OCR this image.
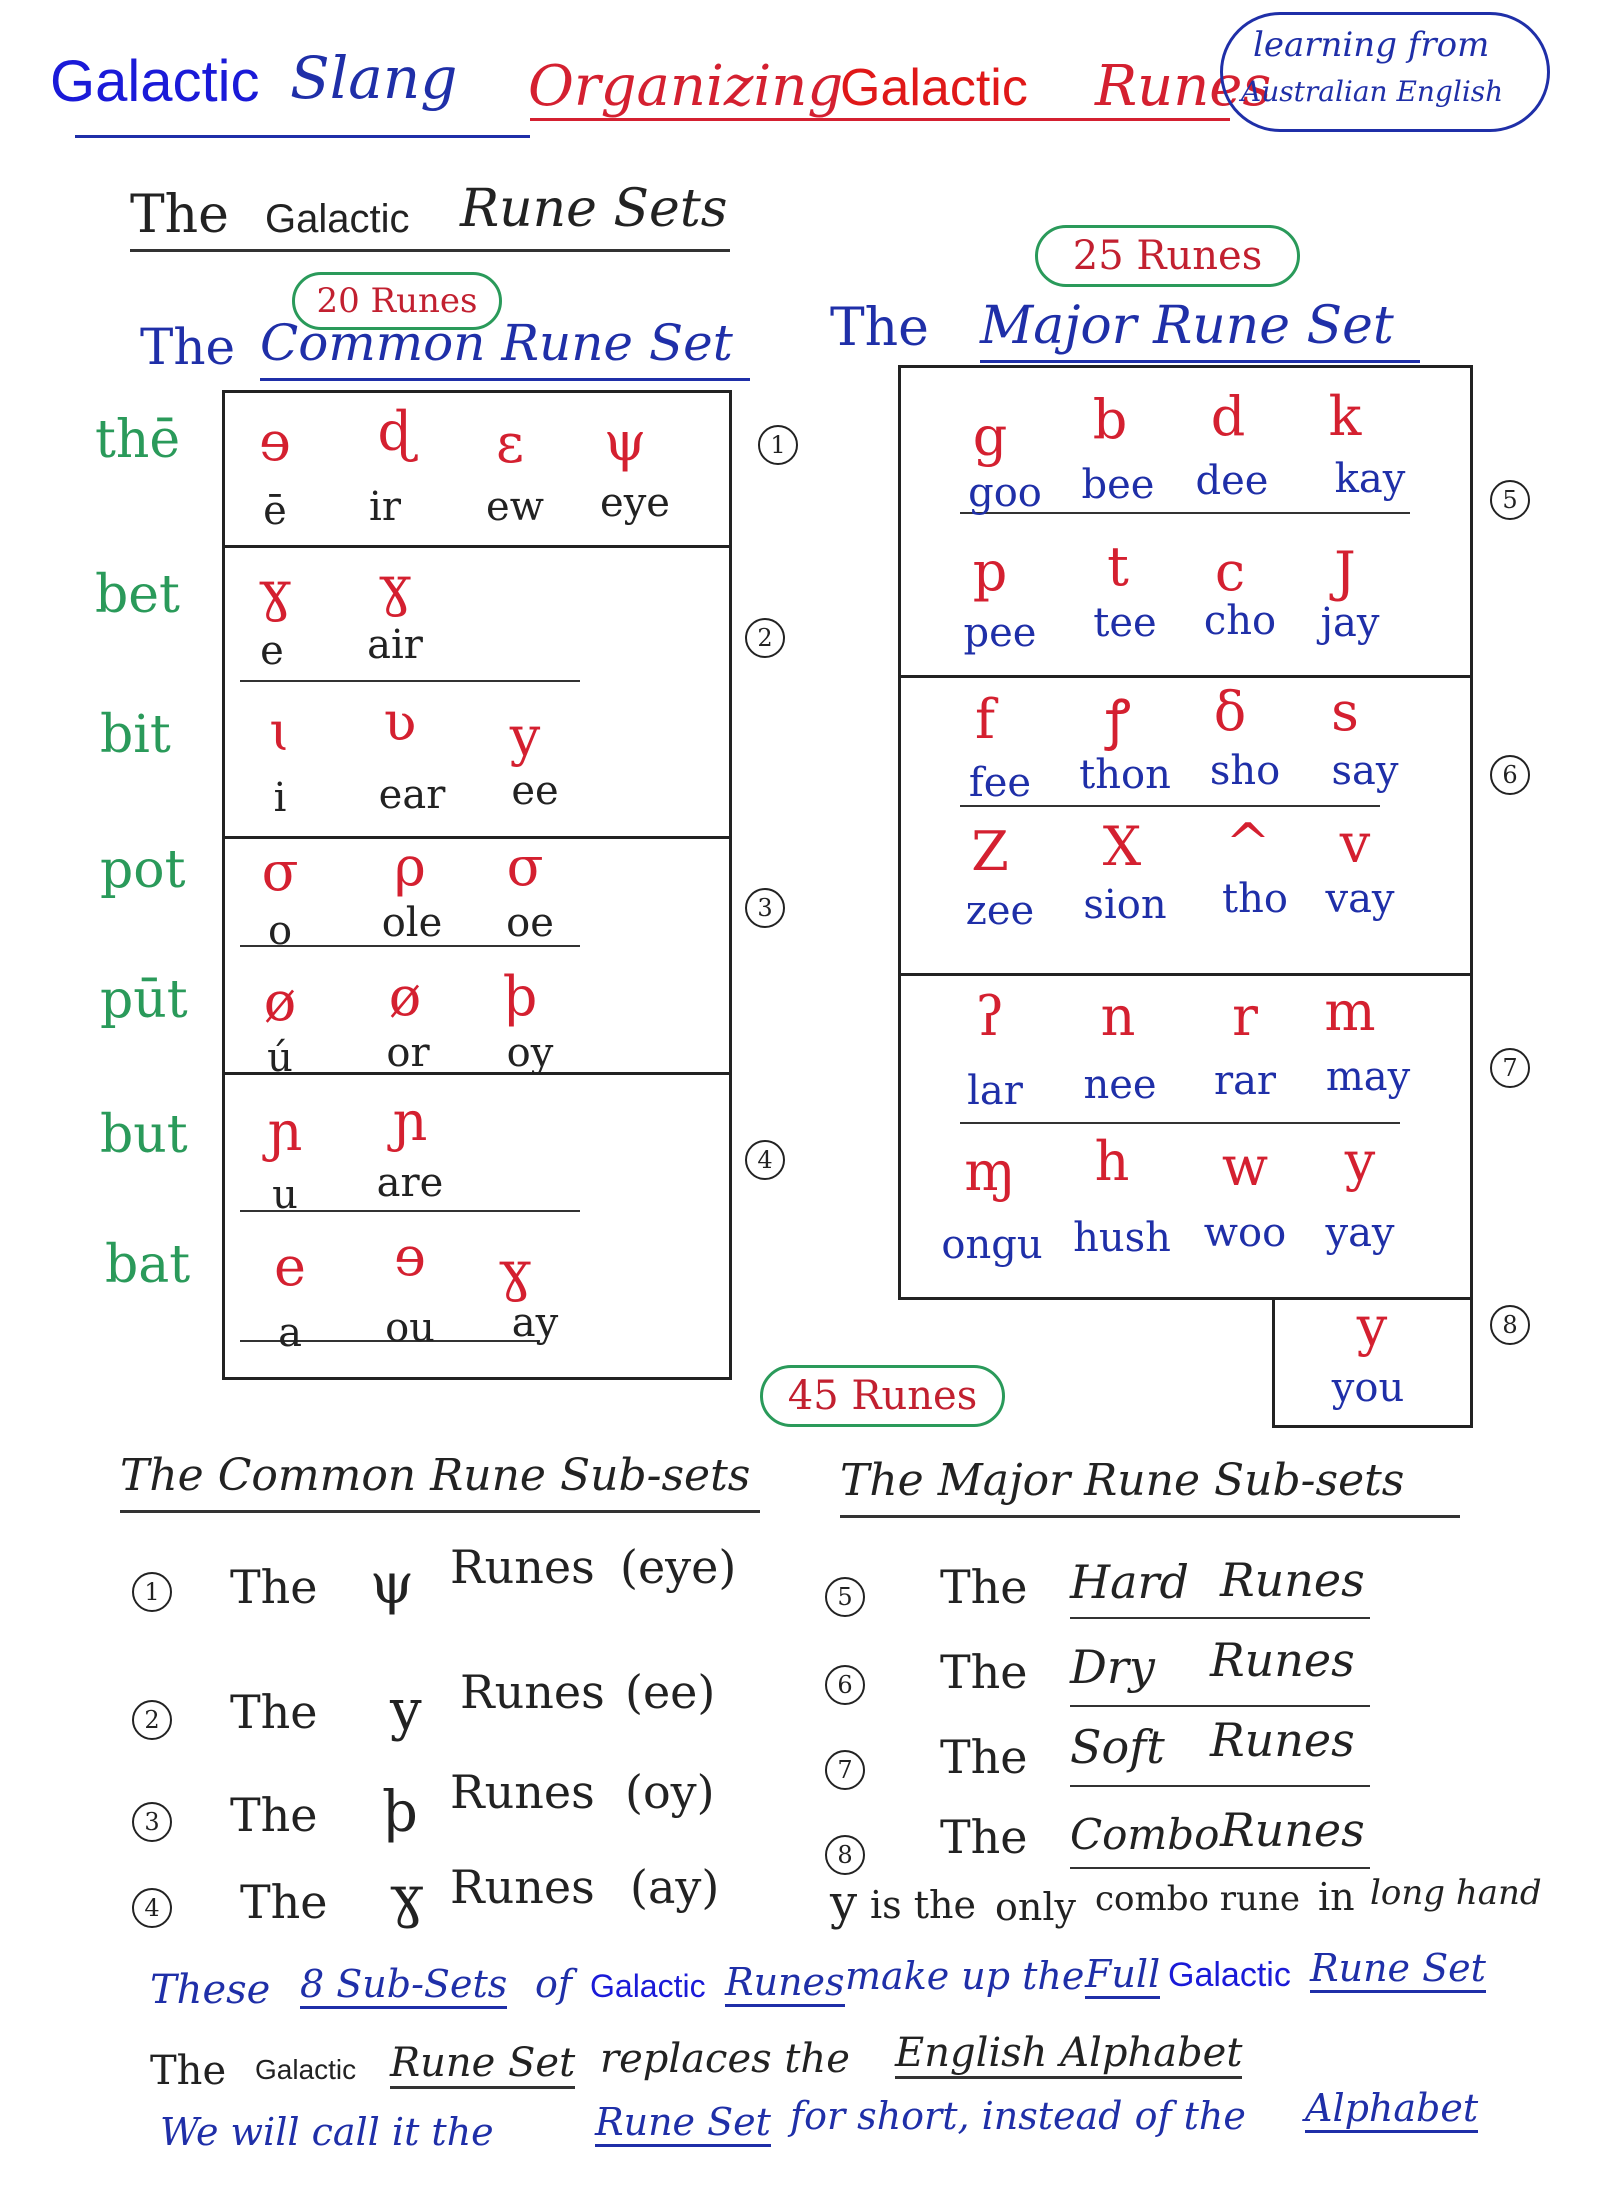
Galactic Slang Organizing
Galactic Runes
learning from
Australian English
The Galactic Rune Sets
20 Runes
The Common Rune Set
thē
bet
bit
pot
pūt
but
bat
ɘ ɖ ɛ ψ
ē ir ew eye
ɣ ɣ
e air
ɩ ʋ y
i ear ee
σ ρ σ
o ole oe
ø ø ϸ
ú or oy
ɲ ɲ
u are
e ɘ ɣ
a ou ay
1
2
3
4
25 Runes
The Major Rune Set
g b d k
goo bee dee kay
p t c J
pee tee cho jay
f ꝭ ẟ s
fee thon sho say
Z X ^ v
zee sion tho vay
ʔ n r m
lar nee rar may
ɱ h w y
ongu hush woo yay
y
you
5
6
7
8
45 Runes
The Common Rune Sub-sets
1 The ψ Runes (eye)
2 The y Runes (ee)
3 The ϸ Runes (oy)
4 The ɣ Runes (ay)
The Major Rune Sub-sets
5 The Hard Runes
6 The Dry Runes
7 The Soft Runes
8 The Combo Runes
y is the only combo rune in long hand
These 8 Sub-Sets of Galactic Runes make up the Full Galactic Rune Set
The Galactic Rune Set replaces the English Alphabet
We will call it the	Rune Set for short, instead of the Alphabet
